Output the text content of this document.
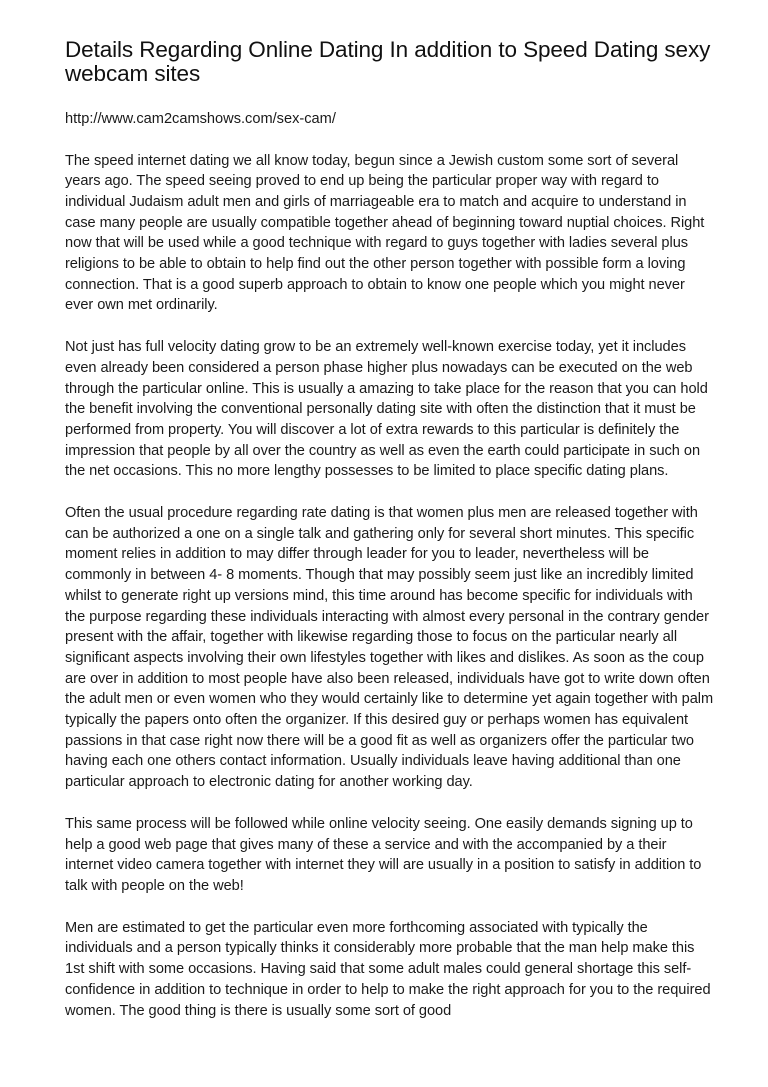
Details Regarding Online Dating In addition to Speed Dating sexy webcam sites
http://www.cam2camshows.com/sex-cam/

The speed internet dating we all know today, begun since a Jewish custom some sort of several years ago. The speed seeing proved to end up being the particular proper way with regard to individual Judaism adult men and girls of marriageable era to match and acquire to understand in case many people are usually compatible together ahead of beginning toward nuptial choices. Right now that will be used while a good technique with regard to guys together with ladies several plus religions to be able to obtain to help find out the other person together with possible form a loving connection. That is a good superb approach to obtain to know one people which you might never ever own met ordinarily.

Not just has full velocity dating grow to be an extremely well-known exercise today, yet it includes even already been considered a person phase higher plus nowadays can be executed on the web through the particular online. This is usually a amazing to take place for the reason that you can hold the benefit involving the conventional personally dating site with often the distinction that it must be performed from property. You will discover a lot of extra rewards to this particular is definitely the impression that people by all over the country as well as even the earth could participate in such on the net occasions. This no more lengthy possesses to be limited to place specific dating plans.

Often the usual procedure regarding rate dating is that women plus men are released together with can be authorized a one on a single talk and gathering only for several short minutes. This specific moment relies in addition to may differ through leader for you to leader, nevertheless will be commonly in between 4- 8 moments. Though that may possibly seem just like an incredibly limited whilst to generate right up versions mind, this time around has become specific for individuals with the purpose regarding these individuals interacting with almost every personal in the contrary gender present with the affair, together with likewise regarding those to focus on the particular nearly all significant aspects involving their own lifestyles together with likes and dislikes. As soon as the coup are over in addition to most people have also been released, individuals have got to write down often the adult men or even women who they would certainly like to determine yet again together with palm typically the papers onto often the organizer. If this desired guy or perhaps women has equivalent passions in that case right now there will be a good fit as well as organizers offer the particular two having each one others contact information. Usually individuals leave having additional than one particular approach to electronic dating for another working day.

This same process will be followed while online velocity seeing. One easily demands signing up to help a good web page that gives many of these a service and with the accompanied by a their internet video camera together with internet they will are usually in a position to satisfy in addition to talk with people on the web!

Men are estimated to get the particular even more forthcoming associated with typically the individuals and a person typically thinks it considerably more probable that the man help make this 1st shift with some occasions. Having said that some adult males could general shortage this self-confidence in addition to technique in order to help to make the right approach for you to the required women. The good thing is there is usually some sort of good
